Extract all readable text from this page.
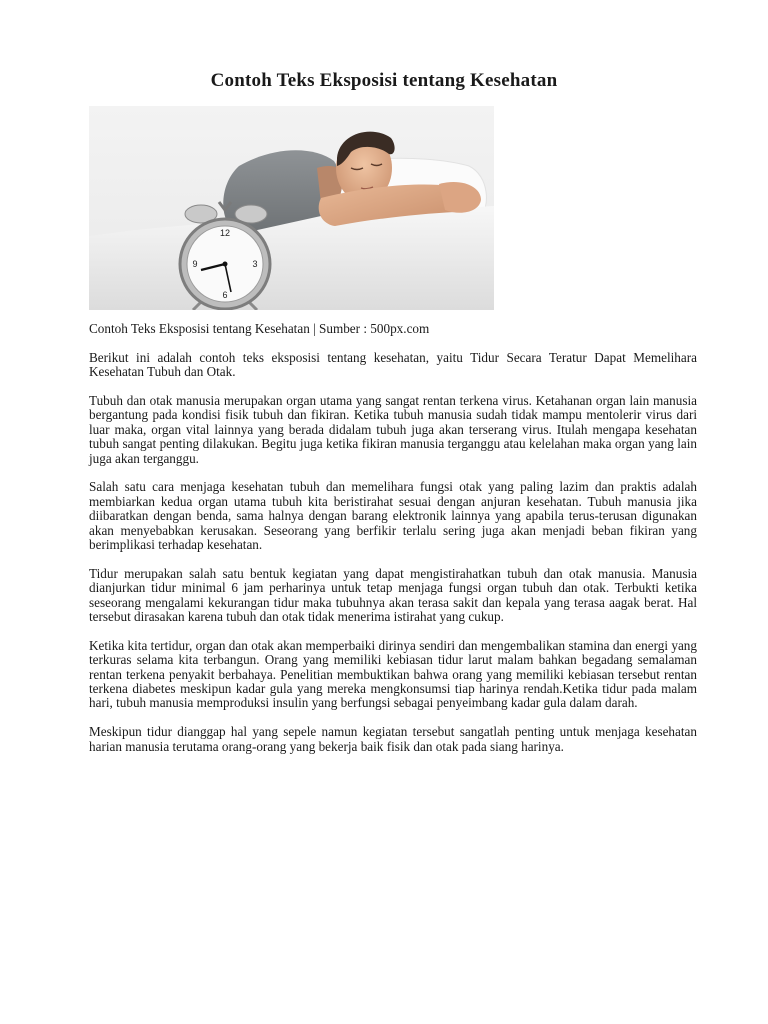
Contoh Teks Eksposisi tentang Kesehatan
12
3
6
9

Contoh Teks Eksposisi tentang Kesehatan | Sumber : 500px.com

Berikut ini adalah contoh teks eksposisi tentang kesehatan, yaitu Tidur Secara Teratur Dapat Memelihara Kesehatan Tubuh dan Otak.

Tubuh dan otak manusia merupakan organ utama yang sangat rentan terkena virus. Ketahanan organ lain manusia bergantung pada kondisi fisik tubuh dan fikiran. Ketika tubuh manusia sudah tidak mampu mentolerir virus dari luar maka, organ vital lainnya yang berada didalam tubuh juga akan terserang virus. Itulah mengapa kesehatan tubuh sangat penting dilakukan. Begitu juga ketika fikiran manusia terganggu atau kelelahan maka organ yang lain juga akan terganggu.

Salah satu cara menjaga kesehatan tubuh dan memelihara fungsi otak yang paling lazim dan praktis adalah membiarkan kedua organ utama tubuh kita beristirahat sesuai dengan anjuran kesehatan. Tubuh manusia jika diibaratkan dengan benda, sama halnya dengan barang elektronik lainnya yang apabila terus-terusan digunakan akan menyebabkan kerusakan. Seseorang yang berfikir terlalu sering juga akan menjadi beban fikiran yang berimplikasi terhadap kesehatan.

Tidur merupakan salah satu bentuk kegiatan yang dapat mengistirahatkan tubuh dan otak manusia. Manusia dianjurkan tidur minimal 6 jam perharinya untuk tetap menjaga fungsi organ tubuh dan otak. Terbukti ketika seseorang mengalami kekurangan tidur maka tubuhnya akan terasa sakit dan kepala yang terasa aagak berat. Hal tersebut dirasakan karena tubuh dan otak tidak menerima istirahat yang cukup.

Ketika kita tertidur, organ dan otak akan memperbaiki dirinya sendiri dan mengembalikan stamina dan energi yang terkuras selama kita terbangun. Orang yang memiliki kebiasan tidur larut malam bahkan begadang semalaman rentan terkena penyakit berbahaya. Penelitian membuktikan bahwa orang yang memiliki kebiasan tersebut rentan terkena diabetes meskipun kadar gula yang mereka mengkonsumsi tiap harinya rendah.Ketika tidur pada malam hari, tubuh manusia memproduksi insulin yang berfungsi sebagai penyeimbang kadar gula dalam darah.

Meskipun tidur dianggap hal yang sepele namun kegiatan tersebut sangatlah penting untuk menjaga kesehatan harian manusia terutama orang-orang yang bekerja baik fisik dan otak pada siang harinya.
